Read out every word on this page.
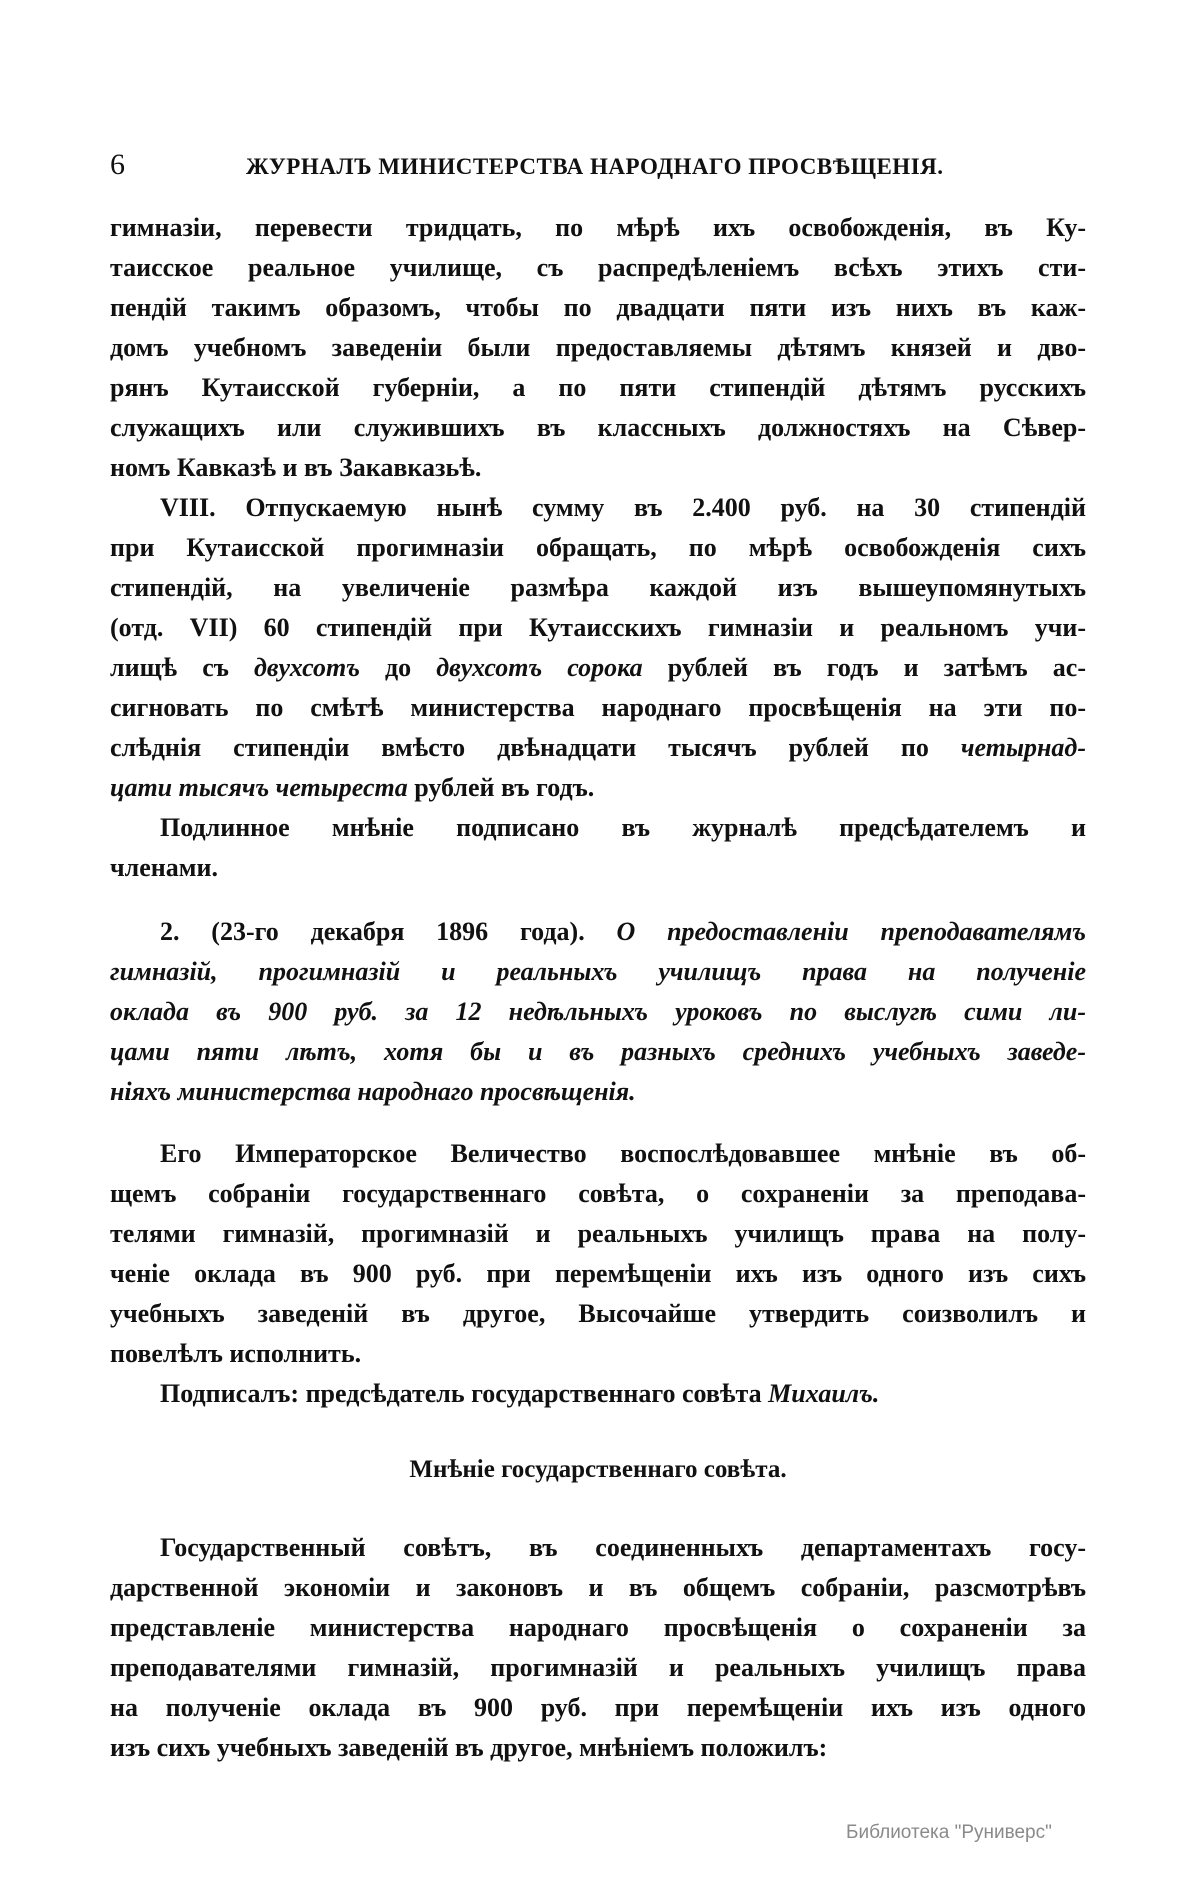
6	ЖУРНАЛЪ МИНИСТЕРСТВА НАРОДНАГО ПРОСВѢЩЕНІЯ.
гимназіи, перевести тридцать, по мѣрѣ ихъ освобожденія, въ Ку-
таисское реальное училище, съ распредѣленіемъ всѣхъ этихъ сти-
пендій такимъ образомъ, чтобы по двадцати пяти изъ нихъ въ каж-
домъ учебномъ заведеніи были предоставляемы дѣтямъ князей и дво-
рянъ Кутаисской губерніи, а по пяти стипендій дѣтямъ русскихъ
служащихъ или служившихъ въ классныхъ должностяхъ на Сѣвер-
номъ Кавказѣ и въ Закавказьѣ.
VIII. Отпускаемую нынѣ сумму въ 2.400 руб. на 30 стипендій
при Кутаисской прогимназіи обращать, по мѣрѣ освобожденія сихъ
стипендій, на увеличеніе размѣра каждой изъ вышеупомянутыхъ
(отд. VII) 60 стипендій при Кутаисскихъ гимназіи и реальномъ учи-
лищѣ съ двухсотъ до двухсотъ сорока рублей въ годъ и затѣмъ ас-
сигновать по смѣтѣ министерства народнаго просвѣщенія на эти по-
слѣднія стипендіи вмѣсто двѣнадцати тысячъ рублей по четырнад-
цати тысячъ четыреста рублей въ годъ.
Подлинное мнѣніе подписано въ журналѣ предсѣдателемъ и
членами.
2. (23-го декабря 1896 года). О предоставленіи преподавателямъ
гимназій, прогимназій и реальныхъ училищъ права на полученіе
оклада въ 900 руб. за 12 недѣльныхъ уроковъ по выслугѣ сими ли-
цами пяти лѣтъ, хотя бы и въ разныхъ среднихъ учебныхъ заведе-
ніяхъ министерства народнаго просвѣщенія.
Его Императорское Величество воспослѣдовавшее мнѣніе въ об-
щемъ собраніи государственнаго совѣта, о сохраненіи за преподава-
телями гимназій, прогимназій и реальныхъ училищъ права на полу-
ченіе оклада въ 900 руб. при перемѣщеніи ихъ изъ одного изъ сихъ
учебныхъ заведеній въ другое, Высочайше утвердить соизволилъ и
повелѣлъ исполнить.
Подписалъ: предсѣдатель государственнаго совѣта Михаилъ.
Мнѣніе государственнаго совѣта.
Государственный совѣтъ, въ соединенныхъ департаментахъ госу-
дарственной экономіи и законовъ и въ общемъ собраніи, разсмотрѣвъ
представленіе министерства народнаго просвѣщенія о сохраненіи за
преподавателями гимназій, прогимназій и реальныхъ училищъ права
на полученіе оклада въ 900 руб. при перемѣщеніи ихъ изъ одного
изъ сихъ учебныхъ заведеній въ другое, мнѣніемъ положилъ:
Библиотека "Руниверс"
